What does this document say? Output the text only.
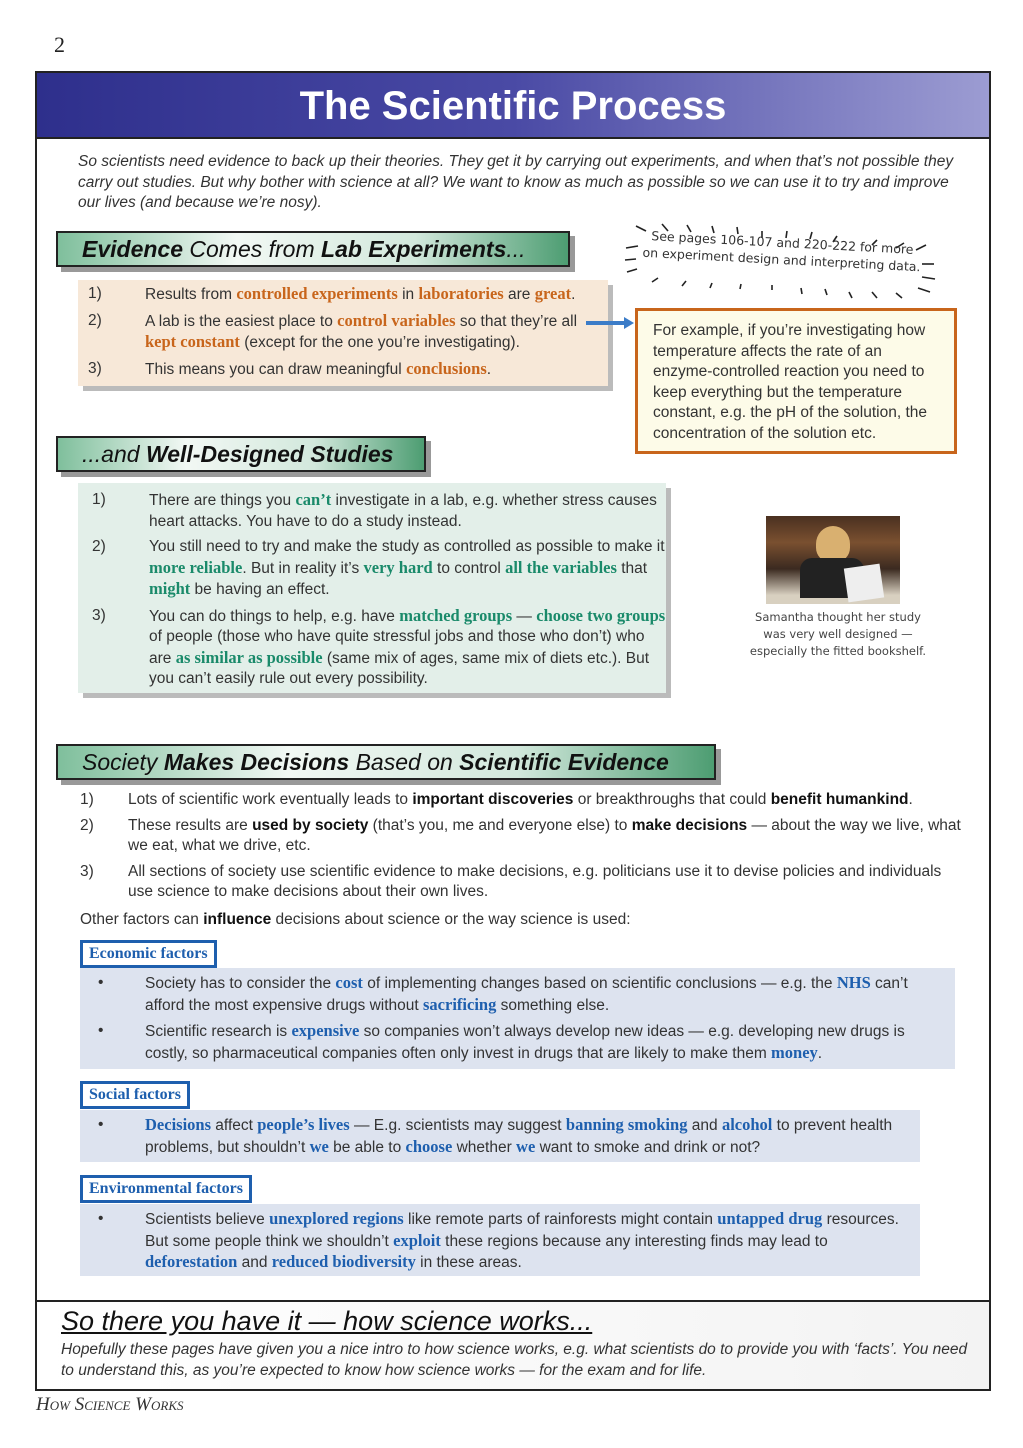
2
The Scientific Process
So scientists need evidence to back up their theories. They get it by carrying out experiments, and when that’s not possible they carry out studies. But why bother with science at all? We want to know as much as possible so we can use it to try and improve our lives (and because we’re nosy).
Evidence Comes from Lab Experiments...
1)	Results from controlled experiments in laboratories are great.
2)	A lab is the easiest place to control variables so that they’re all kept constant (except for the one you’re investigating).
3)	This means you can draw meaningful conclusions.
See pages 106-107 and 220-222 for more on experiment design and interpreting data.
For example, if you’re investigating how temperature affects the rate of an enzyme-controlled reaction you need to keep everything but the temperature constant, e.g. the pH of the solution, the concentration of the solution etc.
...and Well-Designed Studies
1)	There are things you can’t investigate in a lab, e.g. whether stress causes heart attacks. You have to do a study instead.
2)	You still need to try and make the study as controlled as possible to make it more reliable. But in reality it’s very hard to control all the variables that might be having an effect.
3)	You can do things to help, e.g. have matched groups — choose two groups of people (those who have quite stressful jobs and those who don’t) who are as similar as possible (same mix of ages, same mix of diets etc.). But you can’t easily rule out every possibility.
Samantha thought her study was very well designed — especially the fitted bookshelf.
Society Makes Decisions Based on Scientific Evidence
1)	Lots of scientific work eventually leads to important discoveries or breakthroughs that could benefit humankind.
2)	These results are used by society (that’s you, me and everyone else) to make decisions — about the way we live, what we eat, what we drive, etc.
3)	All sections of society use scientific evidence to make decisions, e.g. politicians use it to devise policies and individuals use science to make decisions about their own lives.
Other factors can influence decisions about science or the way science is used:
Economic factors
•	Society has to consider the cost of implementing changes based on scientific conclusions — e.g. the NHS can’t afford the most expensive drugs without sacrificing something else.
•	Scientific research is expensive so companies won’t always develop new ideas — e.g. developing new drugs is costly, so pharmaceutical companies often only invest in drugs that are likely to make them money.
Social factors
•	Decisions affect people’s lives — E.g. scientists may suggest banning smoking and alcohol to prevent health problems, but shouldn’t we be able to choose whether we want to smoke and drink or not?
Environmental factors
•	Scientists believe unexplored regions like remote parts of rainforests might contain untapped drug resources. But some people think we shouldn’t exploit these regions because any interesting finds may lead to deforestation and reduced biodiversity in these areas.
So there you have it — how science works...
Hopefully these pages have given you a nice intro to how science works, e.g. what scientists do to provide you with ‘facts’. You need to understand this, as you’re expected to know how science works — for the exam and for life.
How Science Works
